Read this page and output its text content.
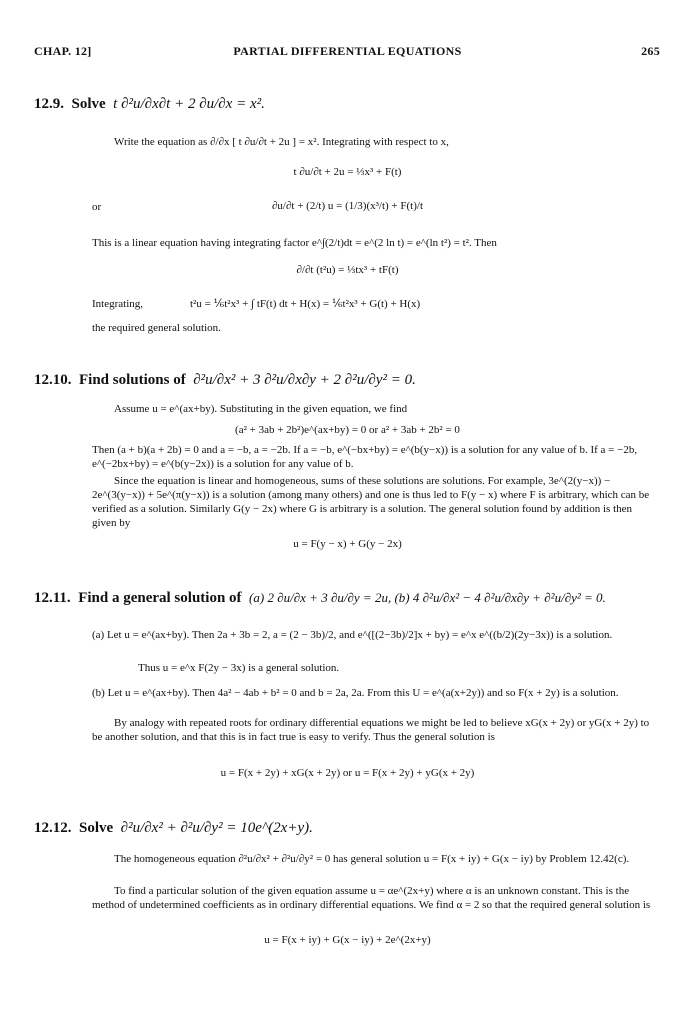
CHAP. 12]	PARTIAL DIFFERENTIAL EQUATIONS	265
12.9. Solve t ∂²u/∂x∂t + 2 ∂u/∂x = x².
Write the equation as ∂/∂x [ t ∂u/∂t + 2u ] = x². Integrating with respect to x,
t ∂u/∂t + 2u = ⅓x³ + F(t)
or	∂u/∂t + (2/t) u = (1/3)(x³/t) + F(t)/t
This is a linear equation having integrating factor e^∫(2/t)dt = e^(2 ln t) = e^(ln t²) = t². Then
∂/∂t (t²u) = ⅓tx³ + tF(t)
Integrating,	t²u = ⅙t²x³ + ∫ tF(t) dt + H(x) = ⅙t²x³ + G(t) + H(x)
the required general solution.
12.10. Find solutions of ∂²u/∂x² + 3 ∂²u/∂x∂y + 2 ∂²u/∂y² = 0.
Assume u = e^(ax+by). Substituting in the given equation, we find
(a² + 3ab + 2b²)e^(ax+by) = 0 or a² + 3ab + 2b² = 0
Then (a + b)(a + 2b) = 0 and a = −b, a = −2b. If a = −b, e^(−bx+by) = e^(b(y−x)) is a solution for any value of b. If a = −2b, e^(−2bx+by) = e^(b(y−2x)) is a solution for any value of b.
Since the equation is linear and homogeneous, sums of these solutions are solutions. For example, 3e^(2(y−x)) − 2e^(3(y−x)) + 5e^(π(y−x)) is a solution (among many others) and one is thus led to F(y − x) where F is arbitrary, which can be verified as a solution. Similarly G(y − 2x) where G is arbitrary is a solution. The general solution found by addition is then given by
u = F(y − x) + G(y − 2x)
12.11. Find a general solution of (a) 2 ∂u/∂x + 3 ∂u/∂y = 2u, (b) 4 ∂²u/∂x² − 4 ∂²u/∂x∂y + ∂²u/∂y² = 0.
(a) Let u = e^(ax+by). Then 2a + 3b = 2, a = (2 − 3b)/2, and e^([(2−3b)/2]x + by) = e^x e^((b/2)(2y−3x)) is a solution.
Thus u = e^x F(2y − 3x) is a general solution.
(b) Let u = e^(ax+by). Then 4a² − 4ab + b² = 0 and b = 2a, 2a. From this U = e^(a(x+2y)) and so F(x + 2y) is a solution.
By analogy with repeated roots for ordinary differential equations we might be led to believe xG(x + 2y) or yG(x + 2y) to be another solution, and that this is in fact true is easy to verify. Thus the general solution is
u = F(x + 2y) + xG(x + 2y) or u = F(x + 2y) + yG(x + 2y)
12.12. Solve ∂²u/∂x² + ∂²u/∂y² = 10e^(2x+y).
The homogeneous equation ∂²u/∂x² + ∂²u/∂y² = 0 has general solution u = F(x + iy) + G(x − iy) by Problem 12.42(c).
To find a particular solution of the given equation assume u = αe^(2x+y) where α is an unknown constant. This is the method of undetermined coefficients as in ordinary differential equations. We find α = 2 so that the required general solution is
u = F(x + iy) + G(x − iy) + 2e^(2x+y)
